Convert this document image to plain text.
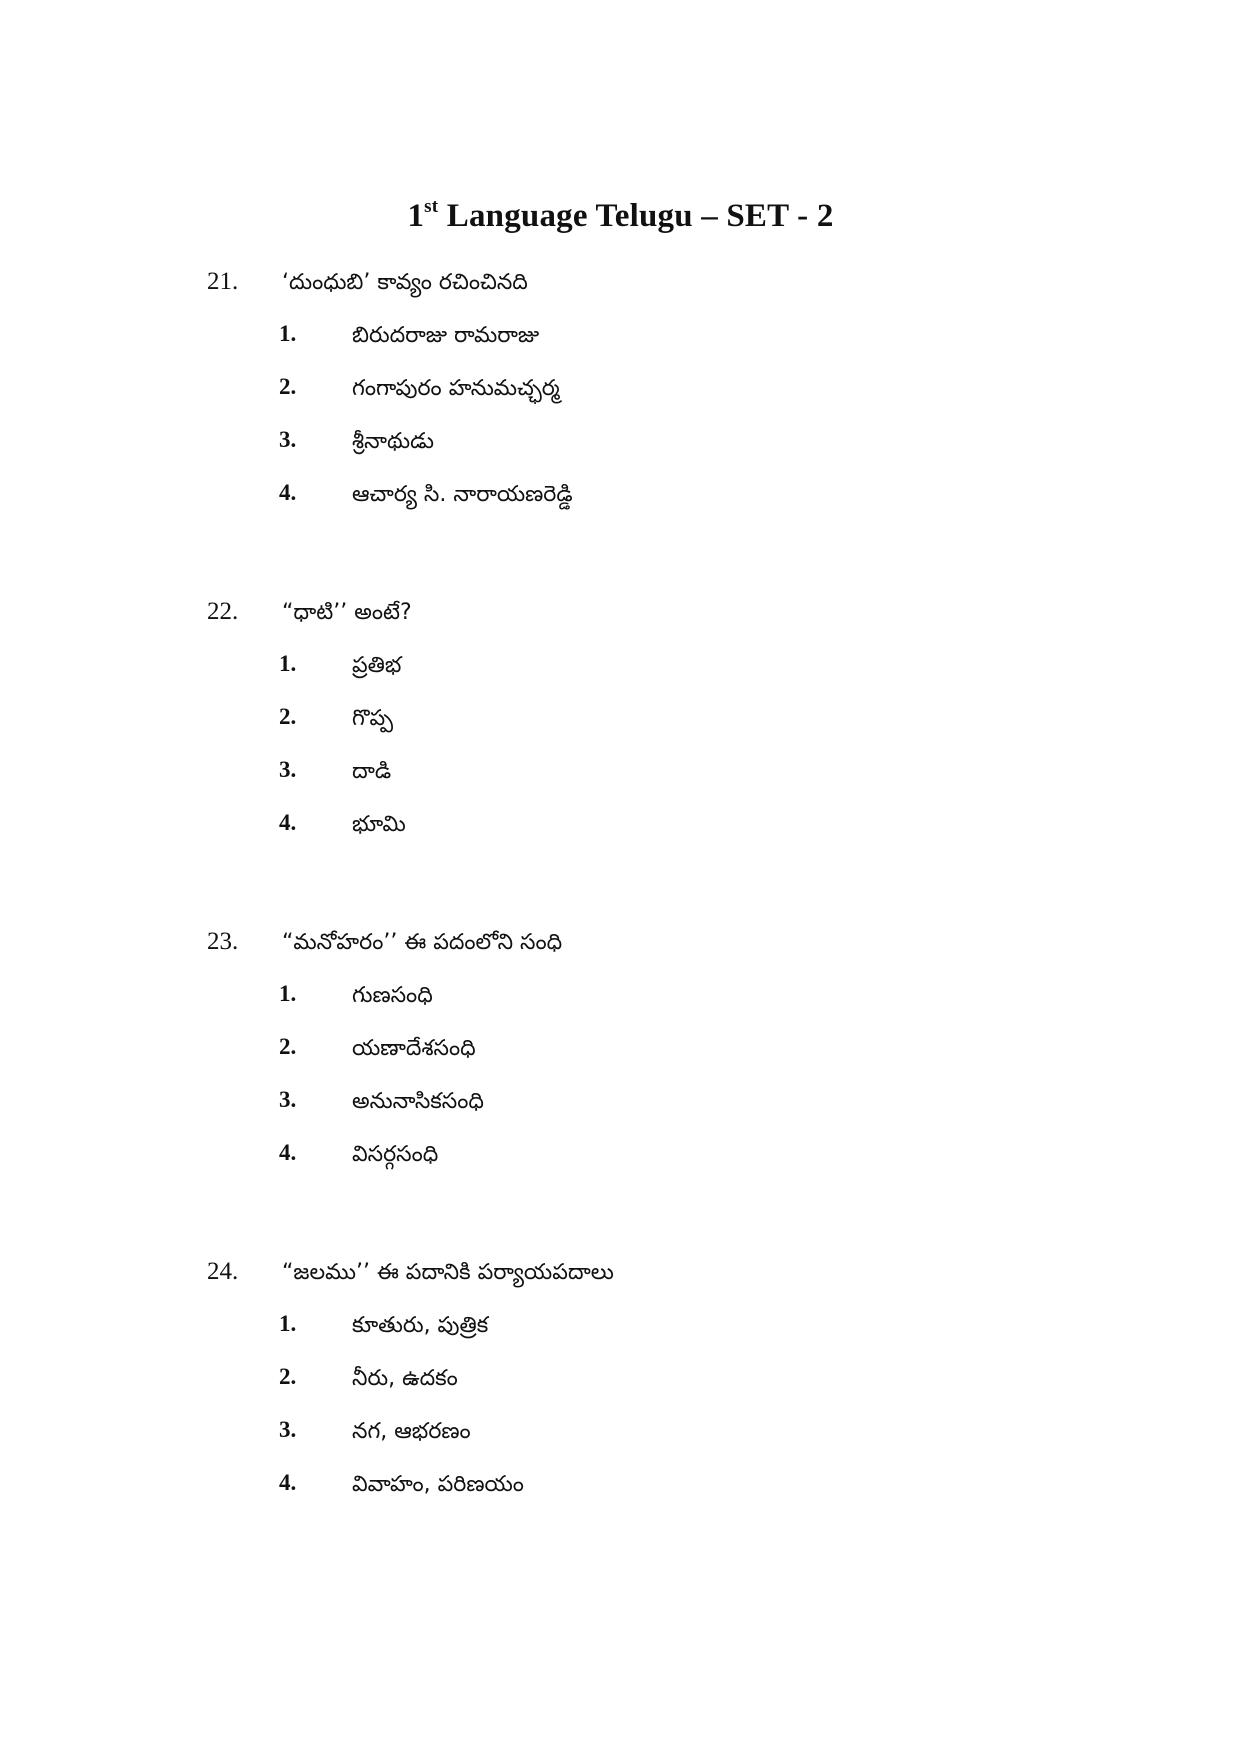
1st Language Telugu – SET - 2
21. ‘దుంధుబి’ కావ్యం రచించినది
1.	బిరుదరాజు రామరాజు
2.	గంగాపురం హనుమచ్ఛర్మ
3.	శ్రీనాథుడు
4.	ఆచార్య సి. నారాయణరెడ్డి
22. “ధాటి’’ అంటే?
1.	ప్రతిభ
2.	గొప్ప
3.	దాడి
4.	భూమి
23. “మనోహరం’’ ఈ పదంలోని సంధి
1.	గుణసంధి
2.	యణాదేశసంధి
3.	అనునాసికసంధి
4.	విసర్గసంధి
24. “జలము’’ ఈ పదానికి పర్యాయపదాలు
1.	కూతురు, పుత్రిక
2.	నీరు, ఉదకం
3.	నగ, ఆభరణం
4.	వివాహం, పరిణయం
